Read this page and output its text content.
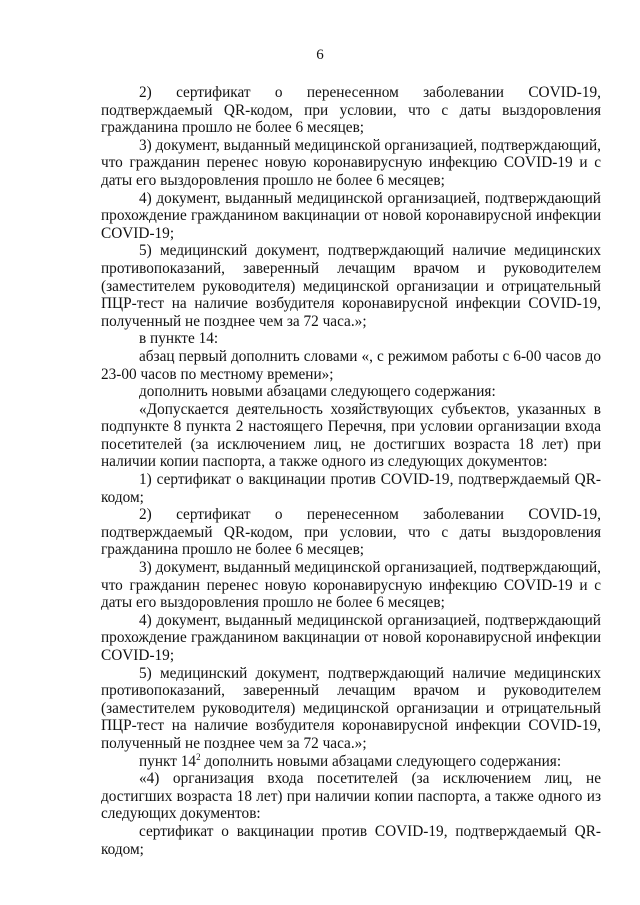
6

2) сертификат о перенесенном заболевании COVID-19, подтверждаемый QR-кодом, при условии, что с даты выздоровления гражданина прошло не более 6 месяцев;

3) документ, выданный медицинской организацией, подтверждающий, что гражданин перенес новую коронавирусную инфекцию COVID-19 и с даты его выздоровления прошло не более 6 месяцев;

4) документ, выданный медицинской организацией, подтверждающий прохождение гражданином вакцинации от новой коронавирусной инфекции COVID-19;

5) медицинский документ, подтверждающий наличие медицинских противопоказаний, заверенный лечащим врачом и руководителем (заместителем руководителя) медицинской организации и отрицательный ПЦР-тест на наличие возбудителя коронавирусной инфекции COVID-19, полученный не позднее чем за 72 часа.»;

в пункте 14:

абзац первый дополнить словами «, с режимом работы с 6-00 часов до 23-00 часов по местному времени»;

дополнить новыми абзацами следующего содержания:

«Допускается деятельность хозяйствующих субъектов, указанных в подпункте 8 пункта 2 настоящего Перечня, при условии организации входа посетителей (за исключением лиц, не достигших возраста 18 лет) при наличии копии паспорта, а также одного из следующих документов:

1) сертификат о вакцинации против COVID-19, подтверждаемый QR-кодом;

2) сертификат о перенесенном заболевании COVID-19, подтверждаемый QR-кодом, при условии, что с даты выздоровления гражданина прошло не более 6 месяцев;

3) документ, выданный медицинской организацией, подтверждающий, что гражданин перенес новую коронавирусную инфекцию COVID-19 и с даты его выздоровления прошло не более 6 месяцев;

4) документ, выданный медицинской организацией, подтверждающий прохождение гражданином вакцинации от новой коронавирусной инфекции COVID-19;

5) медицинский документ, подтверждающий наличие медицинских противопоказаний, заверенный лечащим врачом и руководителем (заместителем руководителя) медицинской организации и отрицательный ПЦР-тест на наличие возбудителя коронавирусной инфекции COVID-19, полученный не позднее чем за 72 часа.»;

пункт $14^2$ дополнить новыми абзацами следующего содержания:

«4) организация входа посетителей (за исключением лиц, не достигших возраста 18 лет) при наличии копии паспорта, а также одного из следующих документов:

сертификат о вакцинации против COVID-19, подтверждаемый QR-кодом;
